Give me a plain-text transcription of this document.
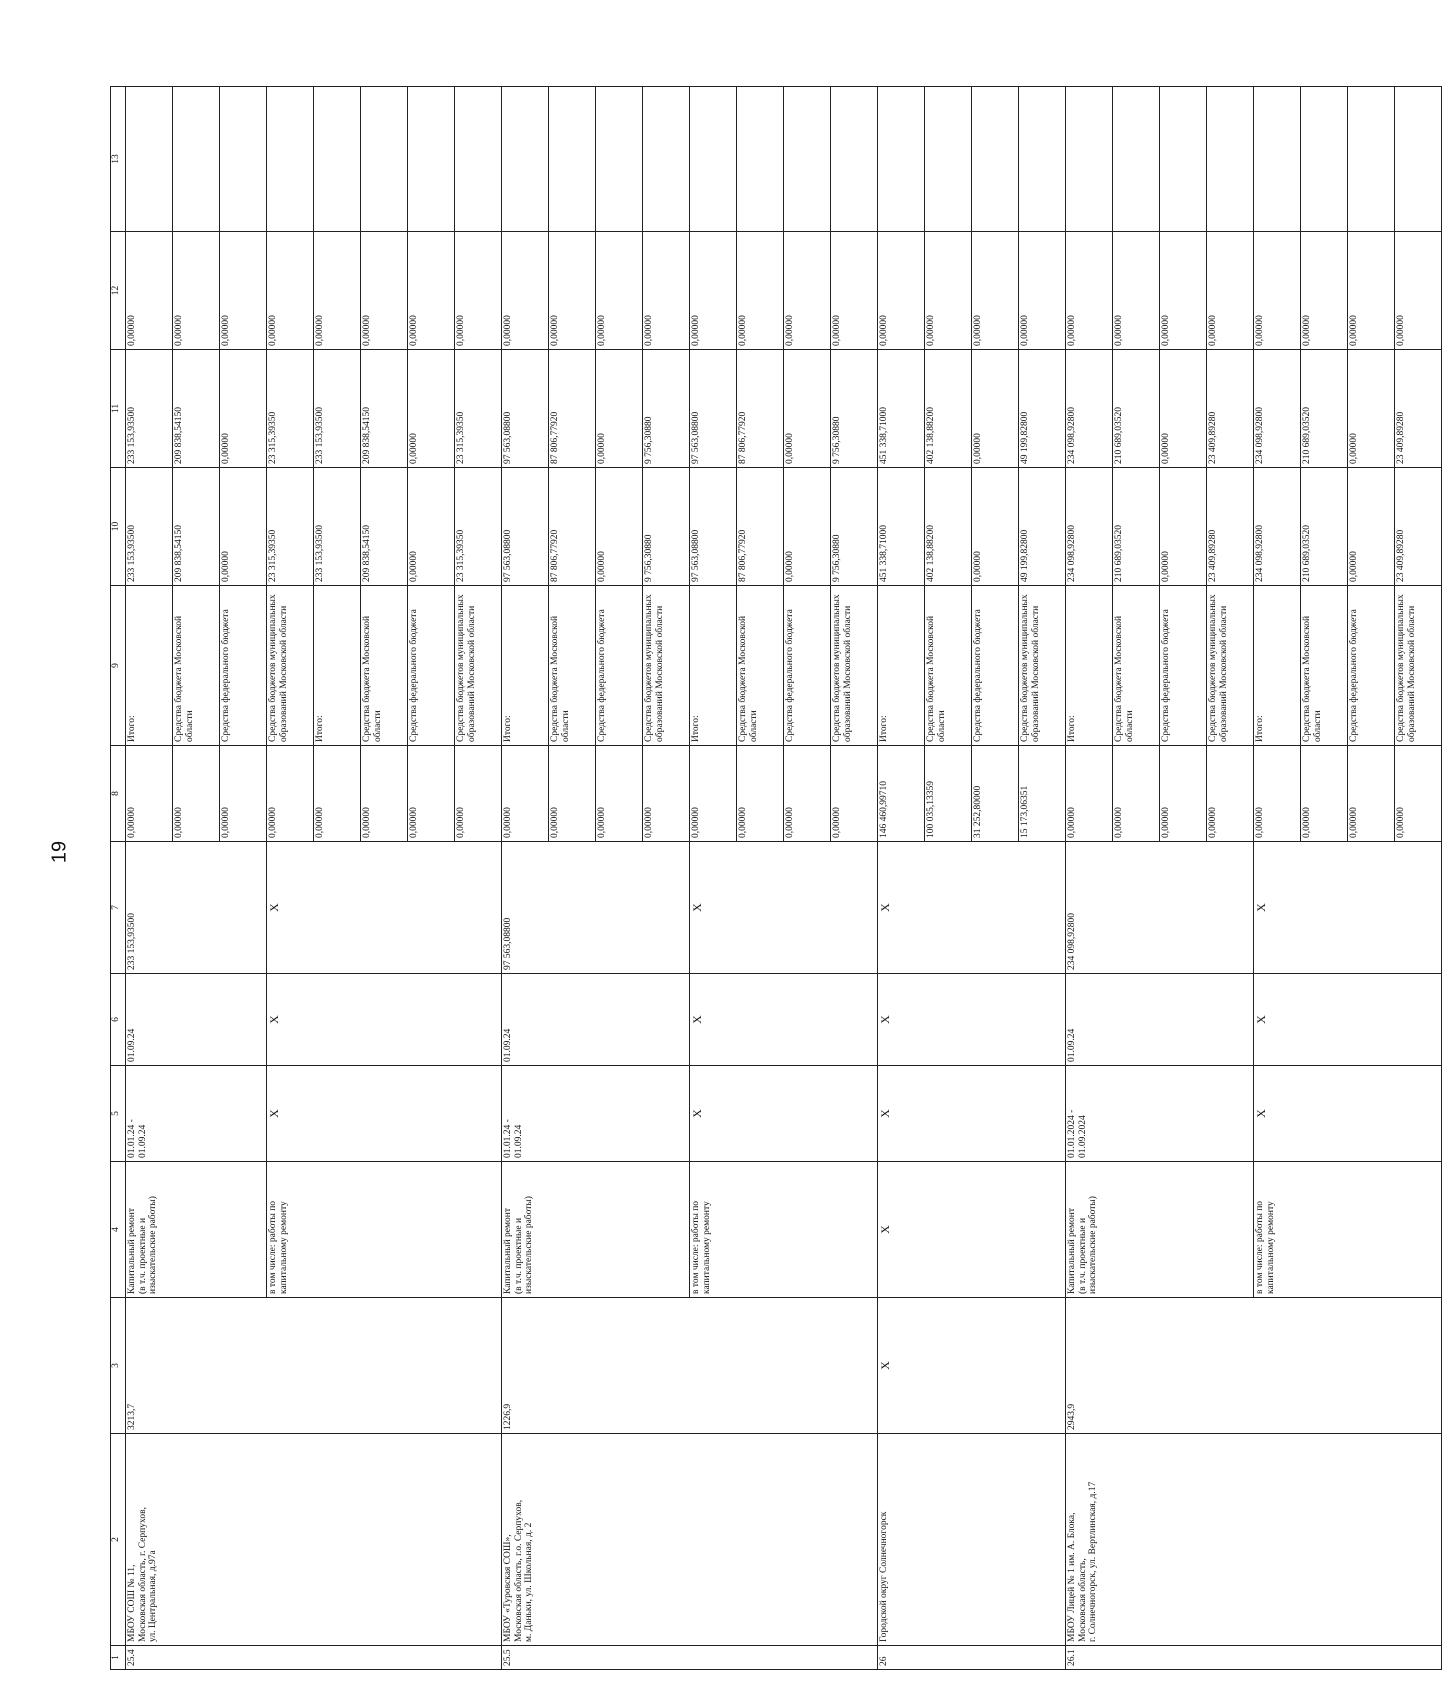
19
1	2	3	4	5	6	7	8	9	10	11	12	13
25.4	МБОУ СОШ № 11,
Московская область, г. Серпухов,
ул. Центральная, д.97а	3213,7	Капитальный ремонт
(в т.ч. проектные и
изыскательские работы)	01.01.24 -
01.09.24	01.09.24	233 153,93500	0,00000	Итого:	233 153,93500	233 153,93500	0,00000	
							0,00000	Средства бюджета Московской области	209 838,54150	209 838,54150	0,00000	
							0,00000	Средства федерального бюджета	0,00000	0,00000	0,00000	
			в том числе: работы по
капитальному ремонту	X	X	X	0,00000	Средства бюджетов муниципальных образований Московской области	23 315,39350	23 315,39350	0,00000	
							0,00000	Итого:	233 153,93500	233 153,93500	0,00000	
							0,00000	Средства бюджета Московской области	209 838,54150	209 838,54150	0,00000	
							0,00000	Средства федерального бюджета	0,00000	0,00000	0,00000	
							0,00000	Средства бюджетов муниципальных образований Московской области	23 315,39350	23 315,39350	0,00000	
25.5	МБОУ «Туровская СОШ»,
Московская область, г.о. Серпухов,
м. Даньки, ул. Школьная, д. 2	1226,9	Капитальный ремонт
(в т.ч. проектные и
изыскательские работы)	01.01.24 -
01.09.24	01.09.24	97 563,08800	0,00000	Итого:	97 563,08800	97 563,08800	0,00000	
							0,00000	Средства бюджета Московской области	87 806,77920	87 806,77920	0,00000	
							0,00000	Средства федерального бюджета	0,00000	0,00000	0,00000	
							0,00000	Средства бюджетов муниципальных образований Московской области	9 756,30880	9 756,30880	0,00000	
			в том числе: работы по
капитальному ремонту	X	X	X	0,00000	Итого:	97 563,08800	97 563,08800	0,00000	
							0,00000	Средства бюджета Московской области	87 806,77920	87 806,77920	0,00000	
							0,00000	Средства федерального бюджета	0,00000	0,00000	0,00000	
							0,00000	Средства бюджетов муниципальных образований Московской области	9 756,30880	9 756,30880	0,00000	
26	Городской округ Солнечногорск	X	X	X	X	X	146 460,99710	Итого:	451 338,71000	451 338,71000	0,00000	
							100 035,13359	Средства бюджета Московской области	402 138,88200	402 138,88200	0,00000	
							31 252,80000	Средства федерального бюджета	0,00000	0,00000	0,00000	
							15 173,06351	Средства бюджетов муниципальных образований Московской области	49 199,82800	49 199,82800	0,00000	
26.1	МБОУ Лицей № 1 им. А. Блока,
Московская область,
г. Солнечногорск, ул. Вертлинская, д.17	2943,9	Капитальный ремонт
(в т.ч. проектные и
изыскательские работы)	01.01.2024 -
01.09.2024	01.09.24	234 098,92800	0,00000	Итого:	234 098,92800	234 098,92800	0,00000	
							0,00000	Средства бюджета Московской области	210 689,03520	210 689,03520	0,00000	
							0,00000	Средства федерального бюджета	0,00000	0,00000	0,00000	
							0,00000	Средства бюджетов муниципальных образований Московской области	23 409,89280	23 409,89280	0,00000	
			в том числе: работы по
капитальному ремонту	X	X	X	0,00000	Итого:	234 098,92800	234 098,92800	0,00000	
							0,00000	Средства бюджета Московской области	210 689,03520	210 689,03520	0,00000	
							0,00000	Средства федерального бюджета	0,00000	0,00000	0,00000	
							0,00000	Средства бюджетов муниципальных образований Московской области	23 409,89280	23 409,89280	0,00000	
